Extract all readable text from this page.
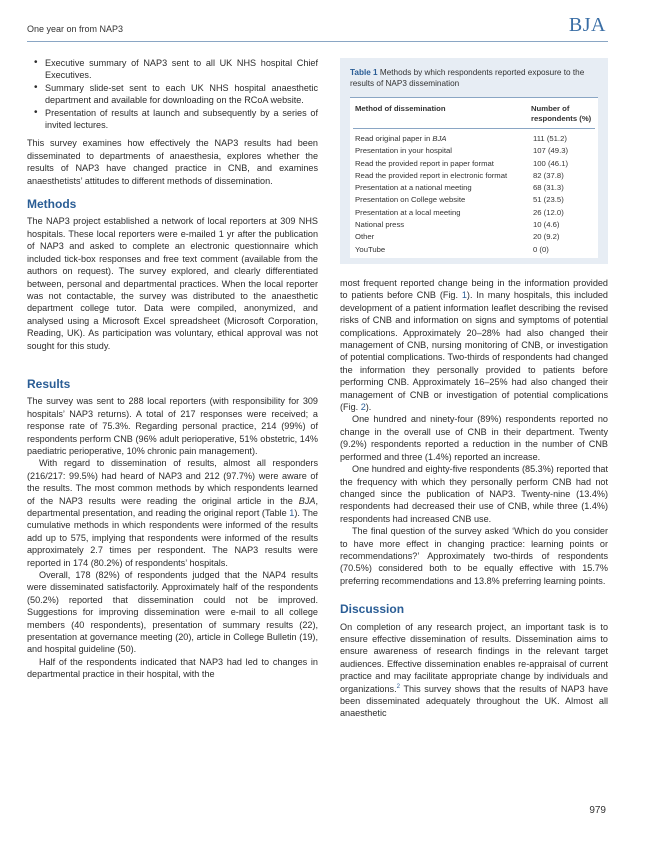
One year on from NAP3	BJA
• Executive summary of NAP3 sent to all UK NHS hospital Chief Executives.
• Summary slide-set sent to each UK NHS hospital anaesthetic department and available for downloading on the RCoA website.
• Presentation of results at launch and subsequently by a series of invited lectures.

This survey examines how effectively the NAP3 results had been disseminated to departments of anaesthesia, explores whether the results of NAP3 have changed practice in CNB, and examines anaesthetists’ attitudes to different methods of dissemination.

Methods

The NAP3 project established a network of local reporters at 309 NHS hospitals. These local reporters were e-mailed 1 yr after the publication of NAP3 and asked to complete an electronic questionnaire which included tick-box responses and free text comment (available from the authors on request). The survey explored, and clearly differentiated between, personal and departmental practices. When the local reporter was not contactable, the survey was distributed to the anaesthetic department college tutor. Data were compiled, anonymized, and analysed using a Microsoft Excel spreadsheet (Microsoft Corporation, Reading, UK). As participation was voluntary, ethical approval was not sought for this study.

Results

The survey was sent to 288 local reporters (with responsibility for 309 hospitals’ NAP3 returns). A total of 217 responses were received; a response rate of 75.3%. Regarding personal practice, 214 (99%) of respondents perform CNB (96% adult perioperative, 51% obstetric, 14% paediatric perioperative, 10% chronic pain management).

With regard to dissemination of results, almost all responders (216/217: 99.5%) had heard of NAP3 and 212 (97.7%) were aware of the results. The most common methods by which respondents learned of the NAP3 results were reading the original article in the BJA, departmental presentation, and reading the original report (Table 1). The cumulative methods in which respondents were informed of the results add up to 575, implying that respondents were informed of the results approximately 2.7 times per respondent. The NAP3 results were reported in 174 (80.2%) of respondents’ hospitals.

Overall, 178 (82%) of respondents judged that the NAP4 results were disseminated satisfactorily. Approximately half of the respondents (50.2%) reported that dissemination could not be improved. Suggestions for improving dissemination were e-mail to all college members (40 respondents), presentation of summary results (22), presentation at governance meeting (20), article in College Bulletin (19), and hospital guideline (50).

Half of the respondents indicated that NAP3 had led to changes in departmental practice in their hospital, with the

Table 1 Methods by which respondents reported exposure to the results of NAP3 dissemination
Method of dissemination	Number of respondents (%)
Read original paper in BJA	111 (51.2)
Presentation in your hospital	107 (49.3)
Read the provided report in paper format	100 (46.1)
Read the provided report in electronic format	82 (37.8)
Presentation at a national meeting	68 (31.3)
Presentation on College website	51 (23.5)
Presentation at a local meeting	26 (12.0)
National press	10 (4.6)
Other	20 (9.2)
YouTube	0 (0)

most frequent reported change being in the information provided to patients before CNB (Fig. 1). In many hospitals, this included development of a patient information leaflet describing the revised risks of CNB and information on signs and symptoms of potential complications. Approximately 20–28% had also changed their management of CNB, nursing monitoring of CNB, or investigation of potential complications. Two-thirds of respondents had changed the information they personally provided to patients before performing CNB. Approximately 16–25% had also changed their management of CNB or investigation of potential complications (Fig. 2).

One hundred and ninety-four (89%) respondents reported no change in the overall use of CNB in their department. Twenty (9.2%) respondents reported a reduction in the number of CNB performed and three (1.4%) reported an increase.

One hundred and eighty-five respondents (85.3%) reported that the frequency with which they personally perform CNB had not changed since the publication of NAP3. Twenty-nine (13.4%) respondents had decreased their use of CNB, while three (1.4%) respondents had increased CNB use.

The final question of the survey asked ‘Which do you consider to have more effect in changing practice: learning points or recommendations?’ Approximately two-thirds of respondents (70.5%) considered both to be equally effective with 15.7% preferring recommendations and 13.8% preferring learning points.

Discussion

On completion of any research project, an important task is to ensure effective dissemination of results. Dissemination aims to ensure awareness of research findings in the relevant target audiences. Effective dissemination enables re-appraisal of current practice and may facilitate appropriate change by individuals and organizations.$^2$ This survey shows that the results of NAP3 have been disseminated adequately throughout the UK. Almost all anaesthetic

979
